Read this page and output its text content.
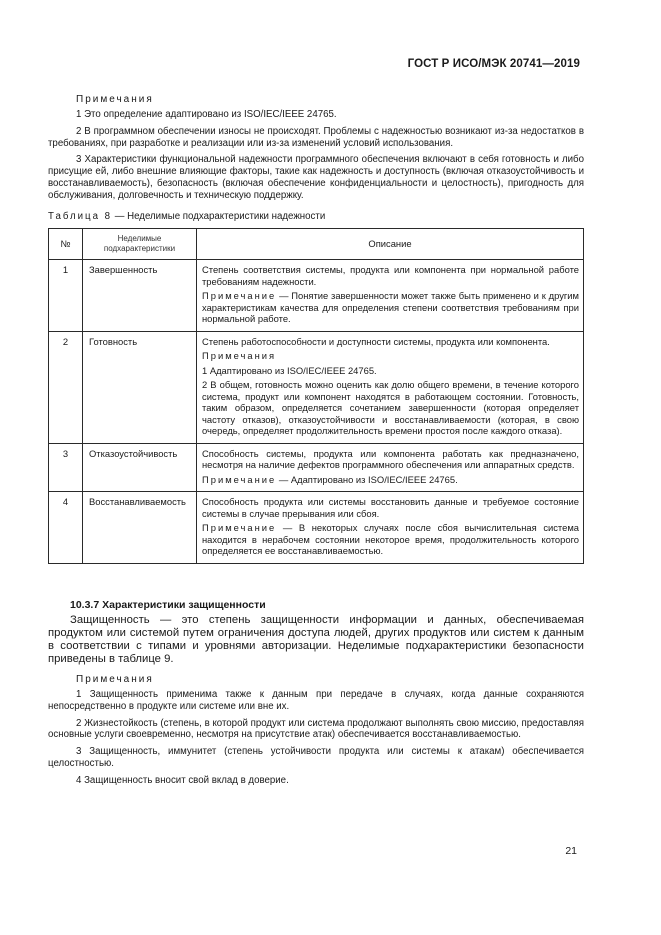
ГОСТ Р ИСО/МЭК 20741—2019
Примечания

1 Это определение адаптировано из ISO/IEC/IEEE 24765.

2 В программном обеспечении износы не происходят. Проблемы с надежностью возникают из-за недостатков в требованиях, при разработке и реализации или из-за изменений условий использования.

3 Характеристики функциональной надежности программного обеспечения включают в себя готовность и либо присущие ей, либо внешние влияющие факторы, такие как надежность и доступность (включая отказоустойчивость и восстанавливаемость), безопасность (включая обеспечение конфиденциальности и целостность), пригодность для обслуживания, долговечность и техническую поддержку.

Таблица 8 — Неделимые подхарактеристики надежности
№	Неделимые подхарактеристики	Описание
1	Завершенность	Степень соответствия системы, продукта или компонента при нормальной работе требованиям надежности.
Примечание — Понятие завершенности может также быть применено и к другим характеристикам качества для определения степени соответствия требованиям при нормальной работе.

2	Готовность	Степень работоспособности и доступности системы, продукта или компонента.
Примечания
1 Адаптировано из ISO/IEC/IEEE 24765.
2 В общем, готовность можно оценить как долю общего времени, в течение которого система, продукт или компонент находятся в работающем состоянии. Готовность, таким образом, определяется сочетанием завершенности (которая определяет частоту отказов), отказоустойчивости и восстанавливаемости (которая, в свою очередь, определяет продолжительность времени простоя после каждого отказа).

3	Отказоустойчивость	Способность системы, продукта или компонента работать как предназначено, несмотря на наличие дефектов программного обеспечения или аппаратных средств.
Примечание — Адаптировано из ISO/IEC/IEEE 24765.

4	Восстанавливаемость	Способность продукта или системы восстановить данные и требуемое состояние системы в случае прерывания или сбоя.
Примечание — В некоторых случаях после сбоя вычислительная система находится в нерабочем состоянии некоторое время, продолжительность которого определяется ее восстанавливаемостью.
10.3.7 Характеристики защищенности

Защищенность — это степень защищенности информации и данных, обеспечиваемая продуктом или системой путем ограничения доступа людей, других продуктов или систем к данным в соответствии с типами и уровнями авторизации. Неделимые подхарактеристики безопасности приведены в таблице 9.

Примечания

1 Защищенность применима также к данным при передаче в случаях, когда данные сохраняются непосредственно в продукте или системе или вне их.

2 Жизнестойкость (степень, в которой продукт или система продолжают выполнять свою миссию, предоставляя основные услуги своевременно, несмотря на присутствие атак) обеспечивается восстанавливаемостью.

3 Защищенность, иммунитет (степень устойчивости продукта или системы к атакам) обеспечивается целостностью.

4 Защищенность вносит свой вклад в доверие.

21
